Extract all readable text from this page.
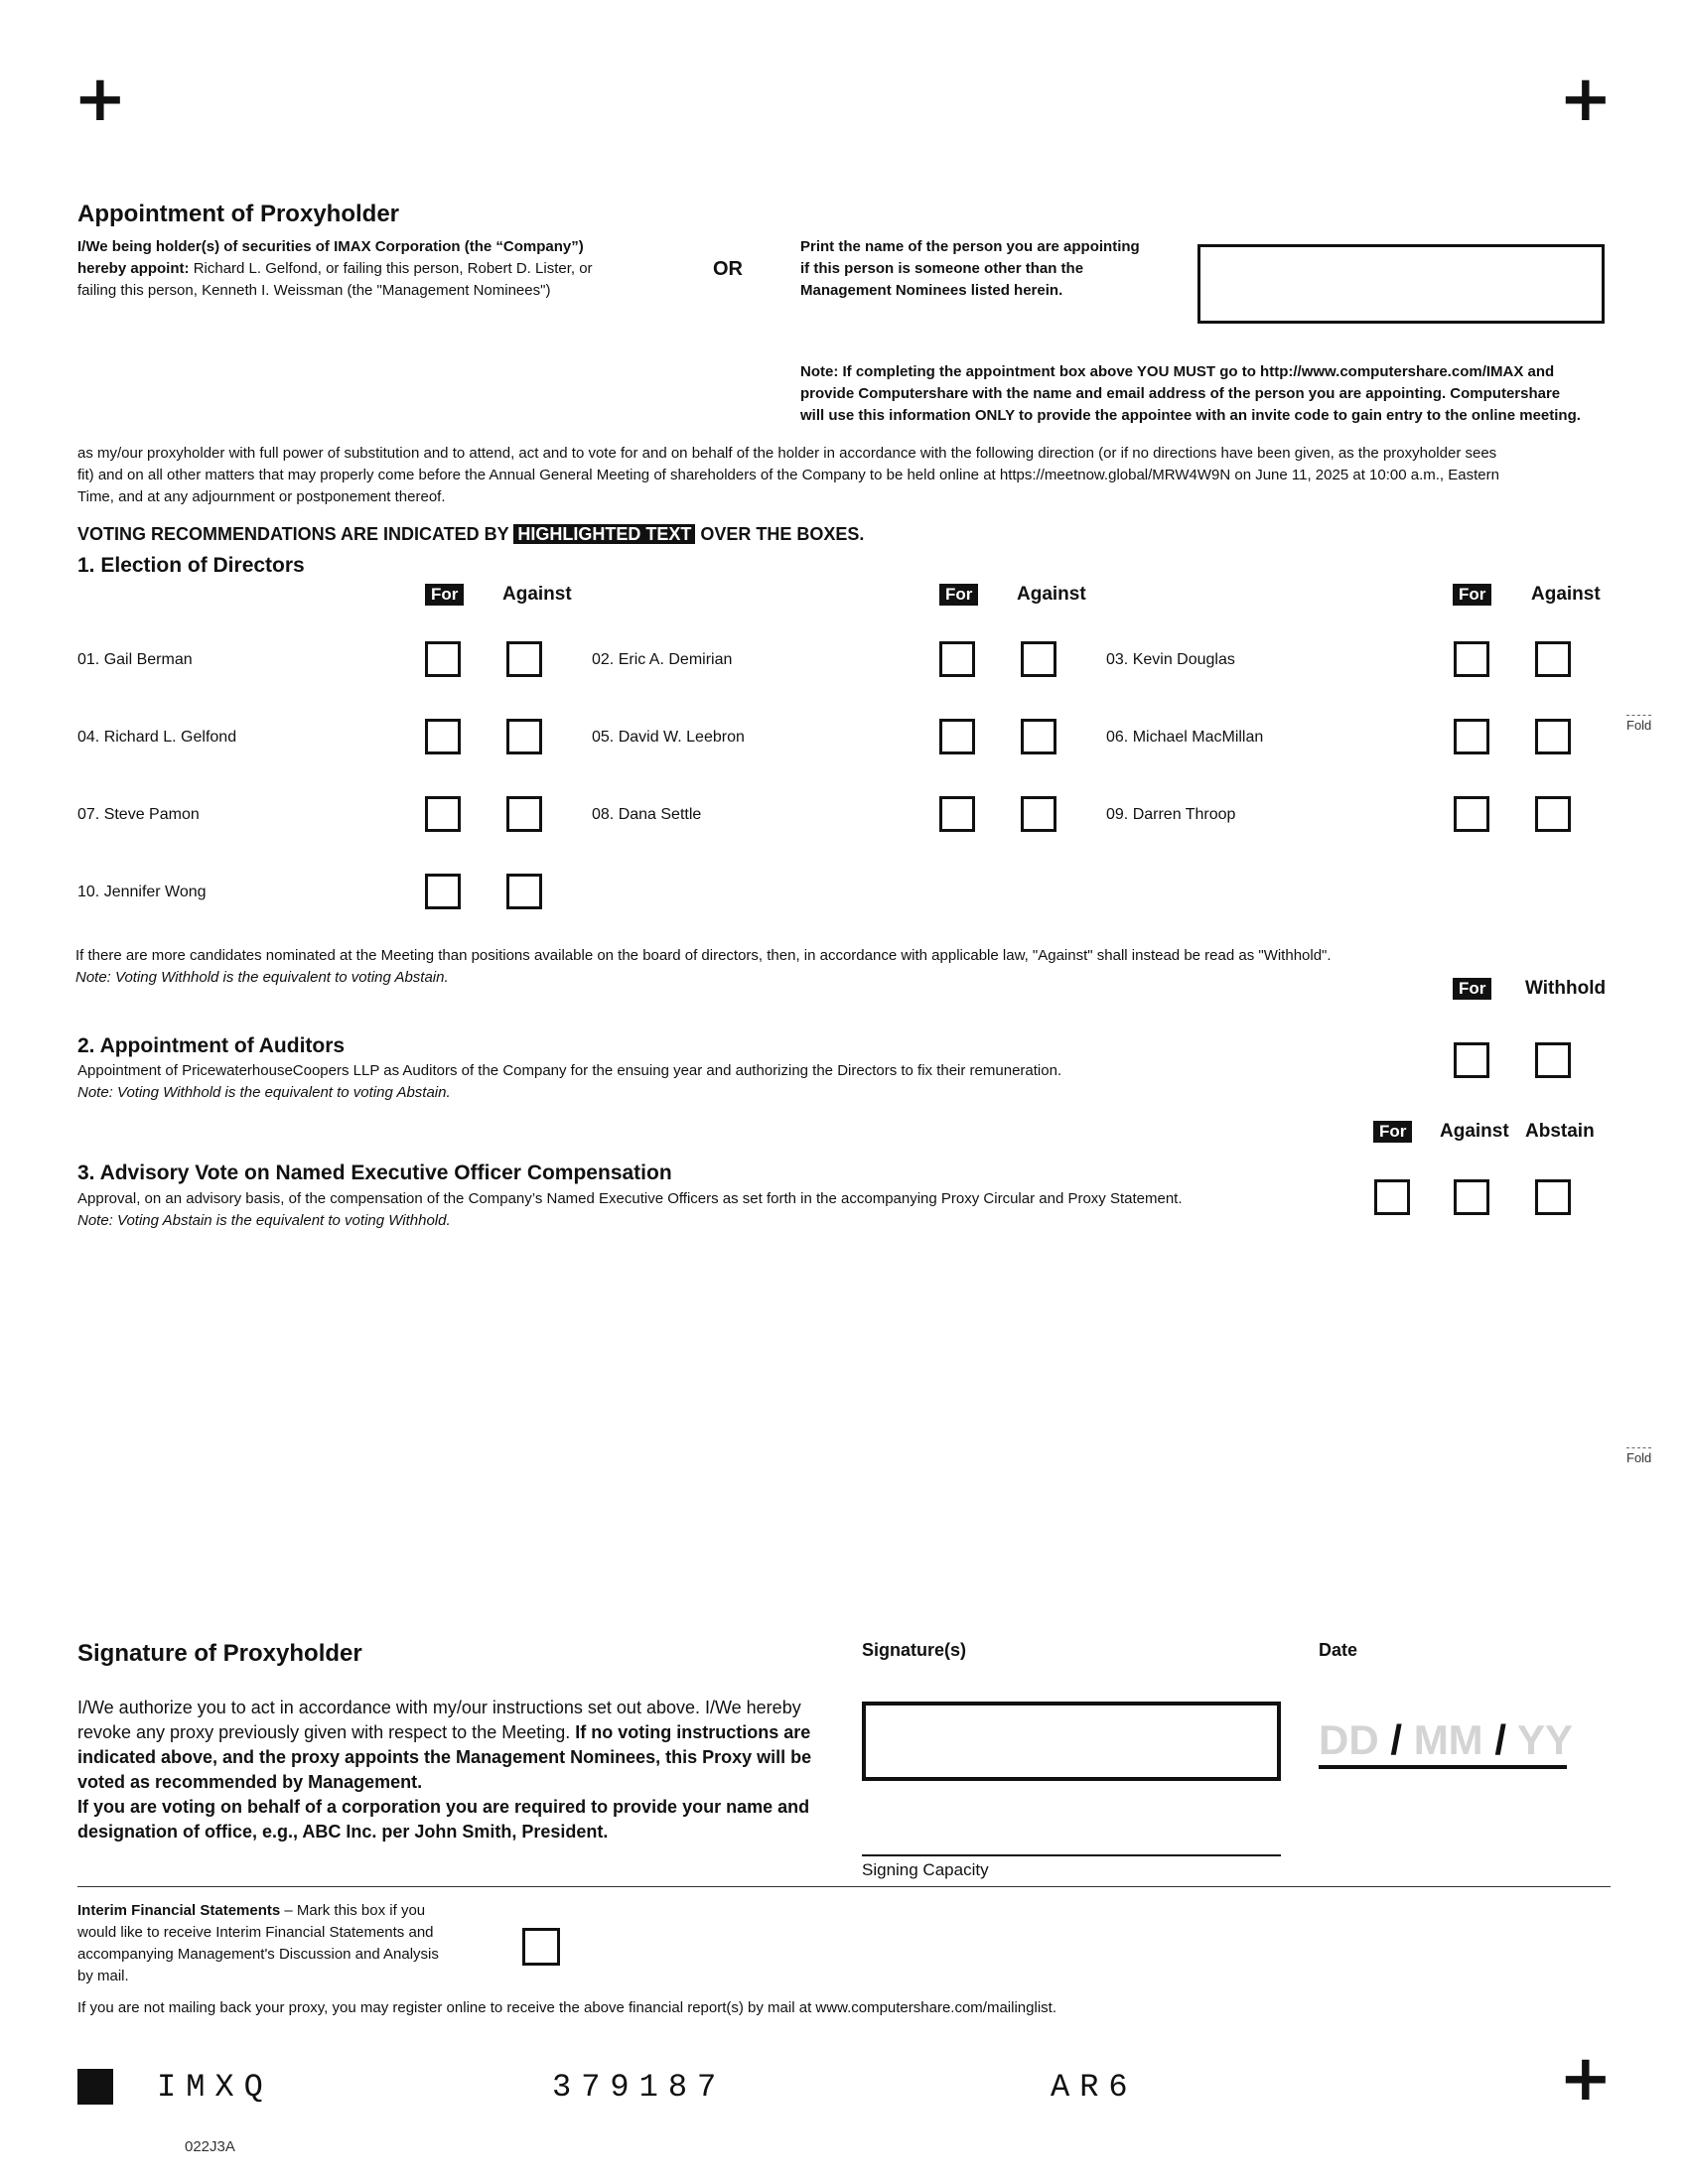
+	+
+
Appointment of Proxyholder
I/We being holder(s) of securities of IMAX Corporation (the “Company”)
hereby appoint: Richard L. Gelfond, or failing this person, Robert D. Lister, or
failing this person, Kenneth I. Weissman (the "Management Nominees")
OR
Print the name of the person you are appointing
if this person is someone other than the
Management Nominees listed herein.
Note: If completing the appointment box above YOU MUST go to http://www.computershare.com/IMAX and
provide Computershare with the name and email address of the person you are appointing. Computershare
will use this information ONLY to provide the appointee with an invite code to gain entry to the online meeting.
as my/our proxyholder with full power of substitution and to attend, act and to vote for and on behalf of the holder in accordance with the following direction (or if no directions have been given, as the proxyholder sees
fit) and on all other matters that may properly come before the Annual General Meeting of shareholders of the Company to be held online at https://meetnow.global/MRW4W9N on June 11, 2025 at 10:00 a.m., Eastern
Time, and at any adjournment or postponement thereof.
VOTING RECOMMENDATIONS ARE INDICATED BY HIGHLIGHTED TEXT OVER THE BOXES.
1. Election of Directors
For	Against	For	Against	For	Against
01. Gail Berman	02. Eric A. Demirian	03. Kevin Douglas
04. Richard L. Gelfond	05. David W. Leebron	06. Michael MacMillan
07. Steve Pamon	08. Dana Settle	09. Darren Throop
10. Jennifer Wong
Fold
If there are more candidates nominated at the Meeting than positions available on the board of directors, then, in accordance with applicable law, "Against" shall instead be read as "Withhold".
Note: Voting Withhold is the equivalent to voting Abstain.
For	Withhold
2. Appointment of Auditors
Appointment of PricewaterhouseCoopers LLP as Auditors of the Company for the ensuing year and authorizing the Directors to fix their remuneration.
Note: Voting Withhold is the equivalent to voting Abstain.
For	Against Abstain
3. Advisory Vote on Named Executive Officer Compensation
Approval, on an advisory basis, of the compensation of the Company’s Named Executive Officers as set forth in the accompanying Proxy Circular and Proxy Statement.
Note: Voting Abstain is the equivalent to voting Withhold.
Fold
Signature of Proxyholder
I/We authorize you to act in accordance with my/our instructions set out above. I/We hereby
revoke any proxy previously given with respect to the Meeting. If no voting instructions are
indicated above, and the proxy appoints the Management Nominees, this Proxy will be
voted as recommended by Management.
If you are voting on behalf of a corporation you are required to provide your name and
designation of office, e.g., ABC Inc. per John Smith, President.
Signature(s)
Signing Capacity
Date
DD / MM / YY
Interim Financial Statements – Mark this box if you
would like to receive Interim Financial Statements and
accompanying Management's Discussion and Analysis
by mail.
If you are not mailing back your proxy, you may register online to receive the above financial report(s) by mail at www.computershare.com/mailinglist.
IMXQ	379187	AR6
022J3A
